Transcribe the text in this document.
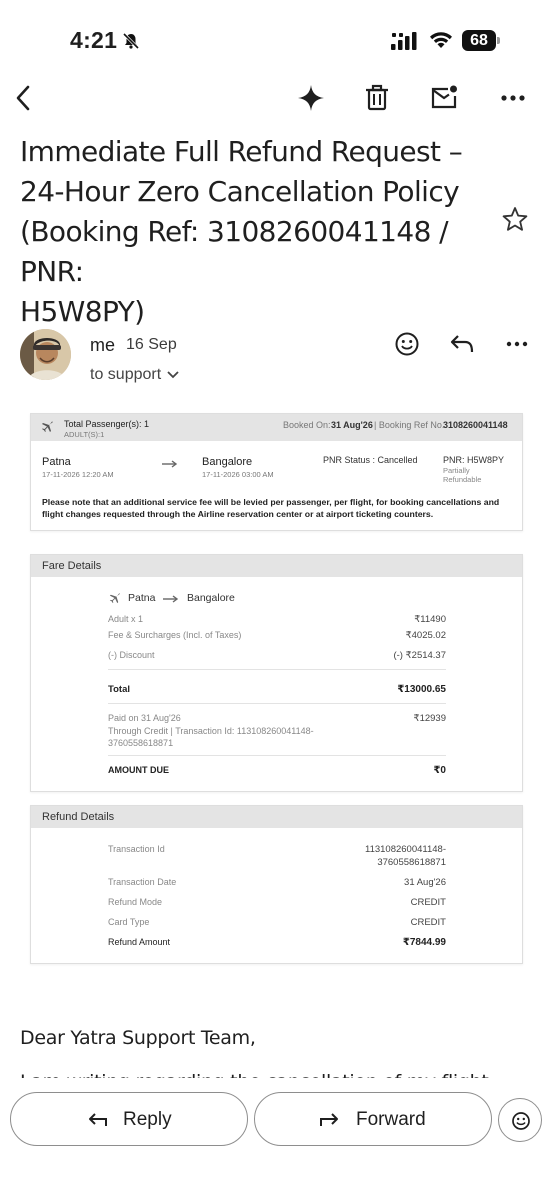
4:21	68
Immediate Full Refund Request –
24-Hour Zero Cancellation Policy
(Booking Ref: 3108260041148 / PNR:
H5W8PY)
me 16 Sep
to support
Total Passenger(s): 1
ADULT(S):1
Booked On: 31 Aug'26 | Booking Ref No.
3108260041148
Patna
17-11-2026 12:20 AM
Bangalore
17-11-2026 03:00 AM
PNR Status : Cancelled	PNR: H5W8PY
Partially
Refundable
Please note that an additional service fee will be levied per passenger, per flight, for booking cancellations and
flight changes requested through the Airline reservation center or at airport ticketing counters.
Fare Details
Patna	Bangalore
Adult x 1	₹11490
Fee & Surcharges (Incl. of Taxes)	₹4025.02
(-) Discount	(-) ₹2514.37
Total	₹13000.65
Paid on 31 Aug'26	₹12939
Through Credit | Transaction Id: 113108260041148-
3760558618871
AMOUNT DUE	₹0
Refund Details
Transaction Id	113108260041148-
3760558618871
Transaction Date	31 Aug'26
Refund Mode	CREDIT
Card Type	CREDIT
Refund Amount	₹7844.99
Dear Yatra Support Team,
Reply	Forward
